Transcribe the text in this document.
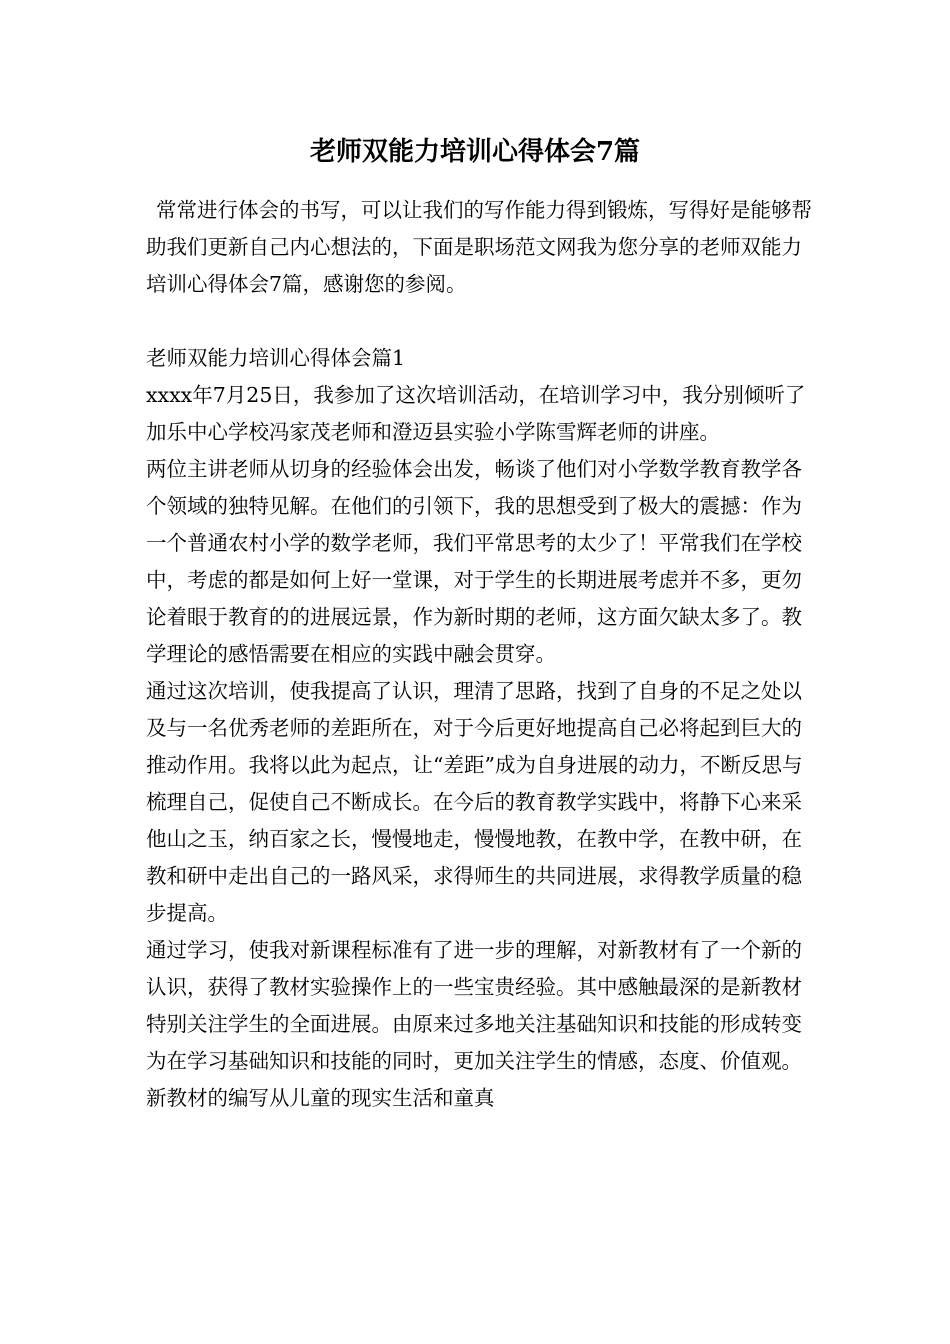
老师双能力培训心得体会7篇

常常进行体会的书写，可以让我们的写作能力得到锻炼，写得好是能够帮助我们更新自己内心想法的，下面是职场范文网我为您分享的老师双能力培训心得体会7篇，感谢您的参阅。

老师双能力培训心得体会篇1

xxxx年7月25日，我参加了这次培训活动，在培训学习中，我分别倾听了加乐中心学校冯家茂老师和澄迈县实验小学陈雪辉老师的讲座。

两位主讲老师从切身的经验体会出发，畅谈了他们对小学数学教育教学各个领域的独特见解。在他们的引领下，我的思想受到了极大的震撼：作为一个普通农村小学的数学老师，我们平常思考的太少了！平常我们在学校中，考虑的都是如何上好一堂课，对于学生的长期进展考虑并不多，更勿论着眼于教育的的进展远景，作为新时期的老师，这方面欠缺太多了。教学理论的感悟需要在相应的实践中融会贯穿。

通过这次培训，使我提高了认识，理清了思路，找到了自身的不足之处以及与一名优秀老师的差距所在，对于今后更好地提高自己必将起到巨大的推动作用。我将以此为起点，让“差距”成为自身进展的动力，不断反思与梳理自己，促使自己不断成长。在今后的教育教学实践中，将静下心来采他山之玉，纳百家之长，慢慢地走，慢慢地教，在教中学，在教中研，在教和研中走出自己的一路风采，求得师生的共同进展，求得教学质量的稳步提高。

通过学习，使我对新课程标准有了进一步的理解，对新教材有了一个新的认识，获得了教材实验操作上的一些宝贵经验。其中感触最深的是新教材特别关注学生的全面进展。由原来过多地关注基础知识和技能的形成转变为在学习基础知识和技能的同时，更加关注学生的情感，态度、价值观。新教材的编写从儿童的现实生活和童真
